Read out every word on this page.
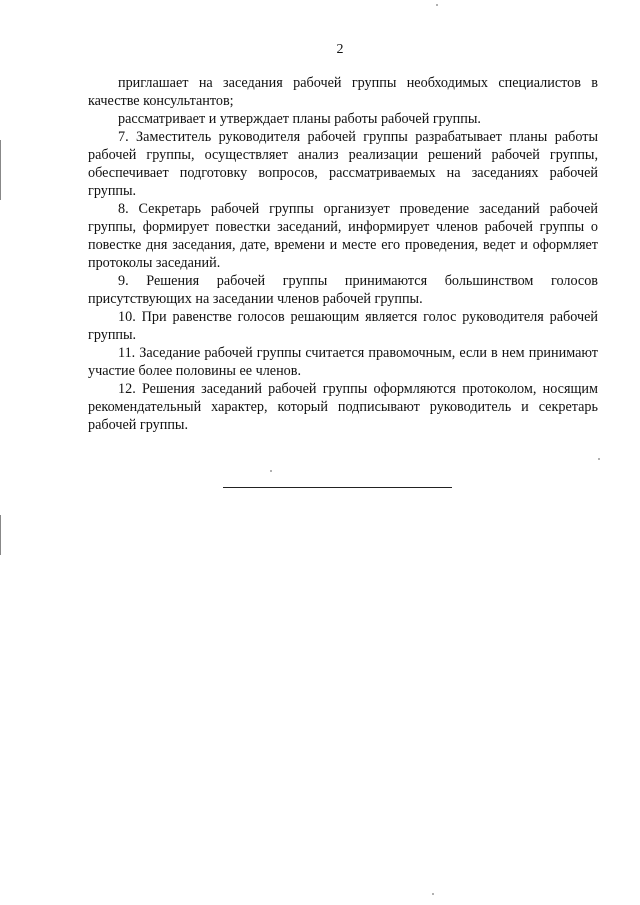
2

приглашает на заседания рабочей группы необходимых специалистов в качестве консультантов;

рассматривает и утверждает планы работы рабочей группы.

7. Заместитель руководителя рабочей группы разрабатывает планы работы рабочей группы, осуществляет анализ реализации решений рабочей группы, обеспечивает подготовку вопросов, рассматриваемых на заседаниях рабочей группы.

8. Секретарь рабочей группы организует проведение заседаний рабочей группы, формирует повестки заседаний, информирует членов рабочей группы о повестке дня заседания, дате, времени и месте его проведения, ведет и оформляет протоколы заседаний.

9. Решения рабочей группы принимаются большинством голосов присутствующих на заседании членов рабочей группы.

10. При равенстве голосов решающим является голос руководителя рабочей группы.

11. Заседание рабочей группы считается правомочным, если в нем принимают участие более половины ее членов.

12. Решения заседаний рабочей группы оформляются протоколом, носящим рекомендательный характер, который подписывают руководитель и секретарь рабочей группы.
